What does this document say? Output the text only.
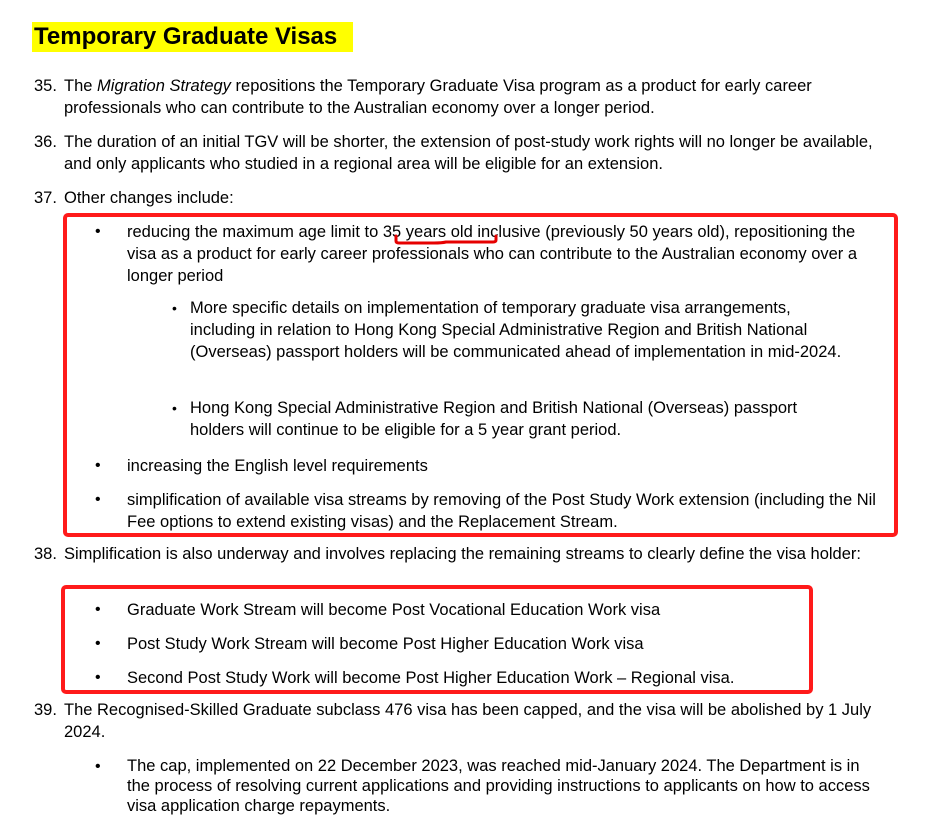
Temporary Graduate Visas
35. The Migration Strategy repositions the Temporary Graduate Visa program as a product for early career professionals who can contribute to the Australian economy over a longer period.

36. The duration of an initial TGV will be shorter, the extension of post-study work rights will no longer be available, and only applicants who studied in a regional area will be eligible for an extension.

37. Other changes include:

• reducing the maximum age limit to 35 years old inclusive (previously 50 years old), repositioning the visa as a product for early career professionals who can contribute to the Australian economy over a longer period

• More specific details on implementation of temporary graduate visa arrangements, including in relation to Hong Kong Special Administrative Region and British National (Overseas) passport holders will be communicated ahead of implementation in mid-2024.

• Hong Kong Special Administrative Region and British National (Overseas) passport holders will continue to be eligible for a 5 year grant period.

• increasing the English level requirements

• simplification of available visa streams by removing of the Post Study Work extension (including the Nil Fee options to extend existing visas) and the Replacement Stream.

38. Simplification is also underway and involves replacing the remaining streams to clearly define the visa holder:

• Graduate Work Stream will become Post Vocational Education Work visa

• Post Study Work Stream will become Post Higher Education Work visa

• Second Post Study Work will become Post Higher Education Work – Regional visa.

39. The Recognised-Skilled Graduate subclass 476 visa has been capped, and the visa will be abolished by 1 July 2024.

• The cap, implemented on 22 December 2023, was reached mid-January 2024. The Department is in the process of resolving current applications and providing instructions to applicants on how to access visa application charge repayments.
